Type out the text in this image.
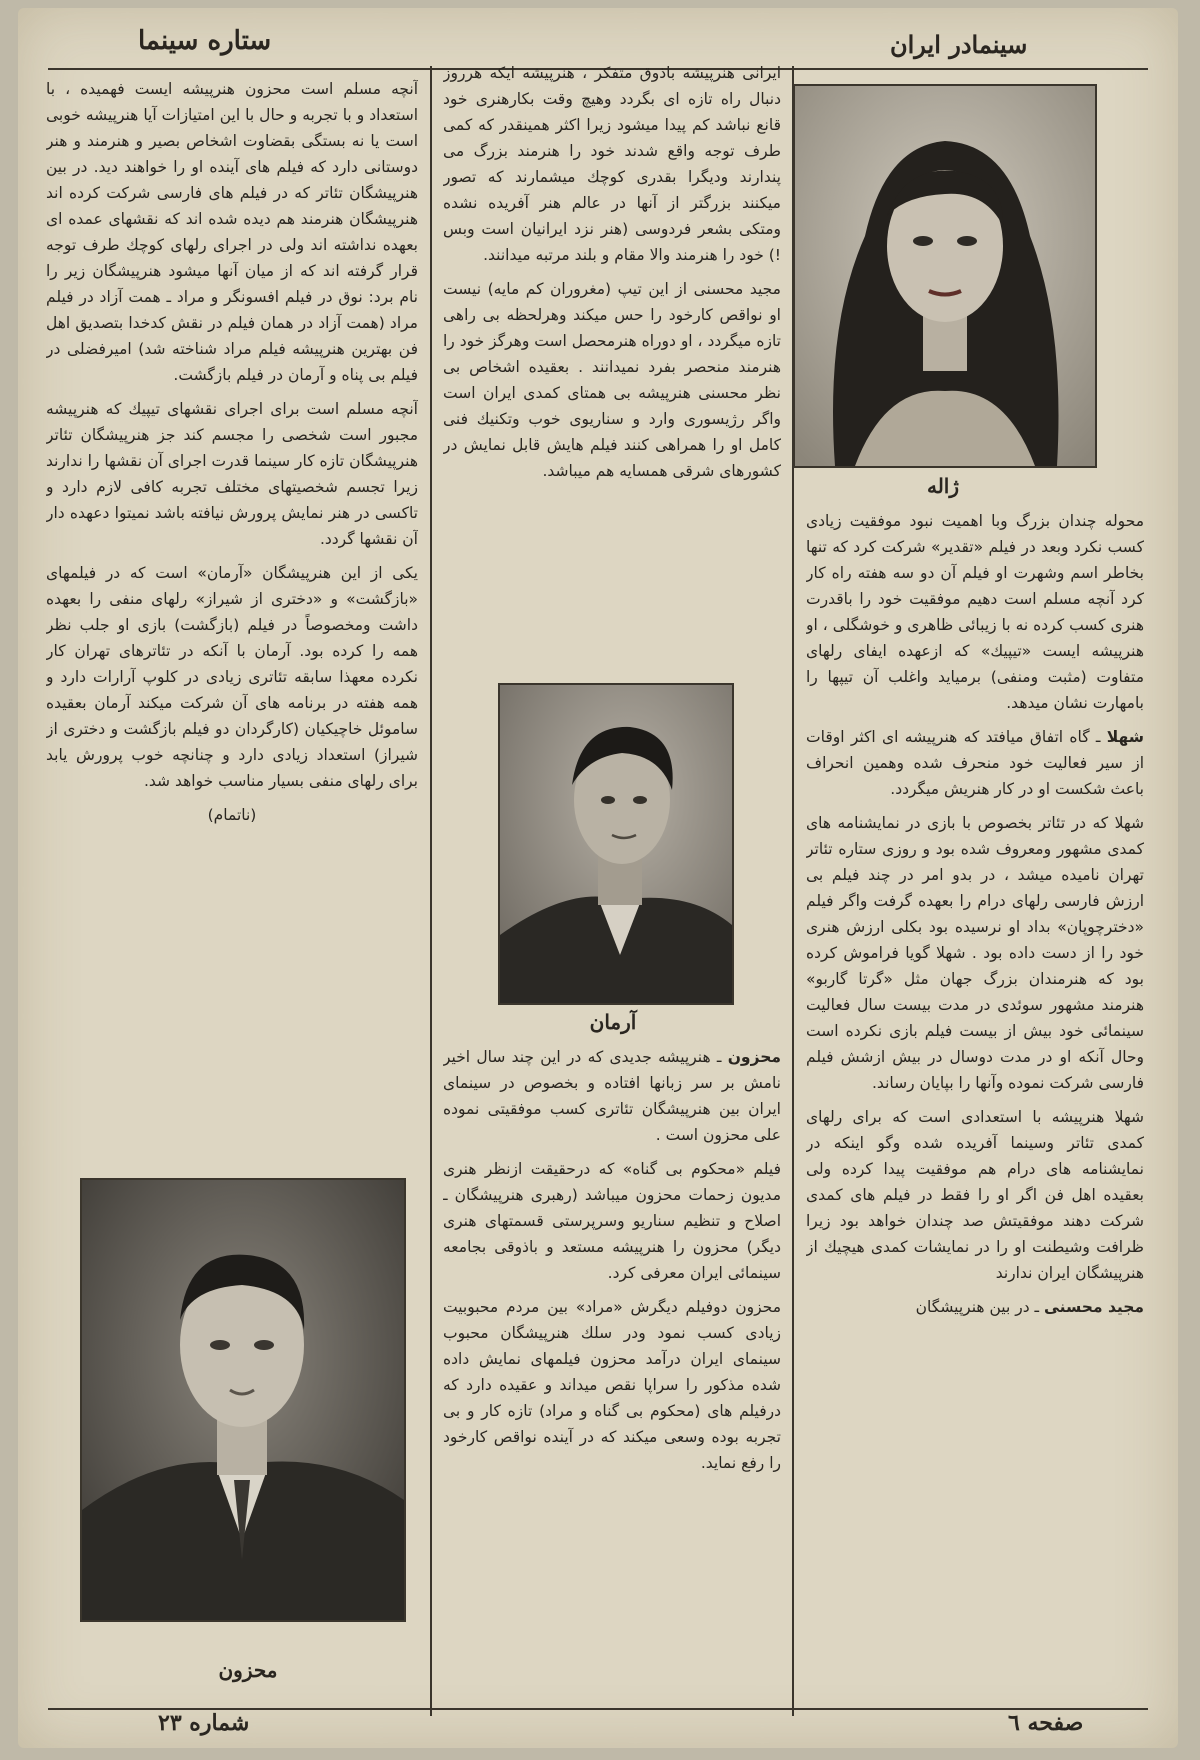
ستاره سینما	سینمادر ایران

آنچه مسلم است محزون هنرپیشه ایست فهمیده ، با استعداد و با تجربه و حال با این امتیازات آیا هنرپیشه خوبی است یا نه بستگی بقضاوت اشخاص بصیر و هنرمند و هنر دوستانی دارد که فیلم های آینده او را خواهند دید. در بین هنرپیشگان تئاتر که در فیلم های فارسی شرکت کرده اند هنرپیشگان هنرمند هم دیده شده اند که نقشهای عمده ای بعهده نداشته اند ولی در اجرای رلهای کوچك طرف توجه قرار گرفته اند که از میان آنها میشود هنرپیشگان زیر را نام برد: نوق در فیلم افسونگر و مراد ـ همت آزاد در فیلم مراد (همت آزاد در همان فیلم در نقش کدخدا بتصدیق اهل فن بهترین هنرپیشه فیلم مراد شناخته شد) امیرفضلی در فیلم بی پناه و آرمان در فیلم بازگشت.

آنچه مسلم است برای اجرای نقشهای تیپیك که هنرپیشه مجبور است شخصی را مجسم کند جز هنرپیشگان تئاتر هنرپیشگان تازه کار سینما قدرت اجرای آن نقشها را ندارند زیرا تجسم شخصیتهای مختلف تجربه کافی لازم دارد و تاکسی در هنر نمایش پرورش نیافته باشد نمیتوا دعهده دار آن نقشها گردد.

یکی از این هنرپیشگان «آرمان» است که در فیلمهای «بازگشت» و «دختری از شیراز» رلهای منفی را بعهده داشت ومخصوصاً در فیلم (بازگشت) بازی او جلب نظر همه را کرده بود. آرمان با آنکه در تئاترهای تهران کار نکرده معهذا سابقه تئاتری زیادی در کلوپ آرارات دارد و همه هفته در برنامه های آن شرکت میکند آرمان بعقیده ساموئل خاچیکیان (کارگردان دو فیلم بازگشت و دختری از شیراز) استعداد زیادی دارد و چنانچه خوب پرورش یابد برای رلهای منفی بسیار مناسب خواهد شد.

(ناتمام)

محزون

ایرانی هنرپیشه باذوق متفکر ، هنرپیشه ایکه هرروز دنبال راه تازه ای بگردد وهیچ وقت بکارهنری خود قانع نباشد کم پیدا میشود زیرا اکثر همینقدر که کمی طرف توجه واقع شدند خود را هنرمند بزرگ می پندارند ودیگرا بقدری کوچك میشمارند که تصور میکنند بزرگتر از آنها در عالم هنر آفریده نشده ومتکی بشعر فردوسی (هنر نزد ایرانیان است وبس !) خود را هنرمند والا مقام و بلند مرتبه میدانند.

مجید محسنی از این تیپ (مغروران کم مایه) نیست او نواقص کارخود را حس میکند وهرلحظه بی راهی تازه میگردد ، او دوراه هنرمحصل است وهرگز خود را هنرمند منحصر بفرد نمیدانند . بعقیده اشخاص بی نظر محسنی هنرپیشه بی همتای کمدی ایران است واگر رژیسوری وارد و سناریوی خوب وتکنیك فنی کامل او را همراهی کنند فیلم هایش قابل نمایش در کشورهای شرقی همسایه هم میباشد.

آرمان

محزون ـ هنرپیشه جدیدی که در این چند سال اخیر نامش بر سر زبانها افتاده و بخصوص در سینمای ایران بین هنرپیشگان تئاتری کسب موفقیتی نموده علی محزون است .

فیلم «محکوم بی گناه» که درحقیقت ازنظر هنری مدیون زحمات محزون میباشد (رهبری هنرپیشگان ـ اصلاح و تنظیم سناریو وسرپرستی قسمتهای هنری دیگر) محزون را هنرپیشه مستعد و باذوقی بجامعه سینمائی ایران معرفی کرد.

محزون دوفیلم دیگرش «مراد» بین مردم محبوبیت زیادی کسب نمود ودر سلك هنرپیشگان محبوب سینمای ایران درآمد محزون فیلمهای نمایش داده شده مذکور را سراپا نقص میداند و عقیده دارد که درفیلم های (محکوم بی گناه و مراد) تازه کار و بی تجربه بوده وسعی میکند که در آینده نواقص کارخود را رفع نماید.

ژاله

محوله چندان بزرگ وبا اهمیت نبود موفقیت زیادی کسب نکرد وبعد در فیلم «تقدیر» شرکت کرد که تنها بخاطر اسم وشهرت او فیلم آن دو سه هفته راه کار کرد آنچه مسلم است دهیم موفقیت خود را باقدرت هنری کسب کرده نه با زیبائی ظاهری و خوشگلی ، او هنرپیشه ایست «تیپیك» که ازعهده ایفای رلهای متفاوت (مثبت ومنفی) برمیاید واغلب آن تیپها را بامهارت نشان میدهد.

شهلا ـ گاه اتفاق میافتد که هنرپیشه ای اکثر اوقات از سیر فعالیت خود منحرف شده وهمین انحراف باعث شکست او در کار هنریش میگردد.

شهلا که در تئاتر بخصوص با بازی در نمایشنامه های کمدی مشهور ومعروف شده بود و روزی ستاره تئاتر تهران نامیده میشد ، در بدو امر در چند فیلم بی ارزش فارسی رلهای درام را بعهده گرفت واگر فیلم «دخترچوپان» بداد او نرسیده بود بکلی ارزش هنری خود را از دست داده بود . شهلا گویا فراموش کرده بود که هنرمندان بزرگ جهان مثل «گرتا گاربو» هنرمند مشهور سوئدی در مدت بیست سال فعالیت سینمائی خود بیش از بیست فیلم بازی نکرده است وحال آنکه او در مدت دوسال در بیش ازشش فیلم فارسی شرکت نموده وآنها را بپایان رساند.

شهلا هنرپیشه با استعدادی است که برای رلهای کمدی تئاتر وسینما آفریده شده وگو اینکه در نمایشنامه های درام هم موفقیت پیدا کرده ولی بعقیده اهل فن اگر او را فقط در فیلم های کمدی شرکت دهند موفقیتش صد چندان خواهد بود زیرا ظرافت وشیطنت او را در نمایشات کمدی هیچیك از هنرپیشگان ایران ندارند

مجید محسنی ـ در بین هنرپیشگان

شماره ۲۳	صفحه ٦
